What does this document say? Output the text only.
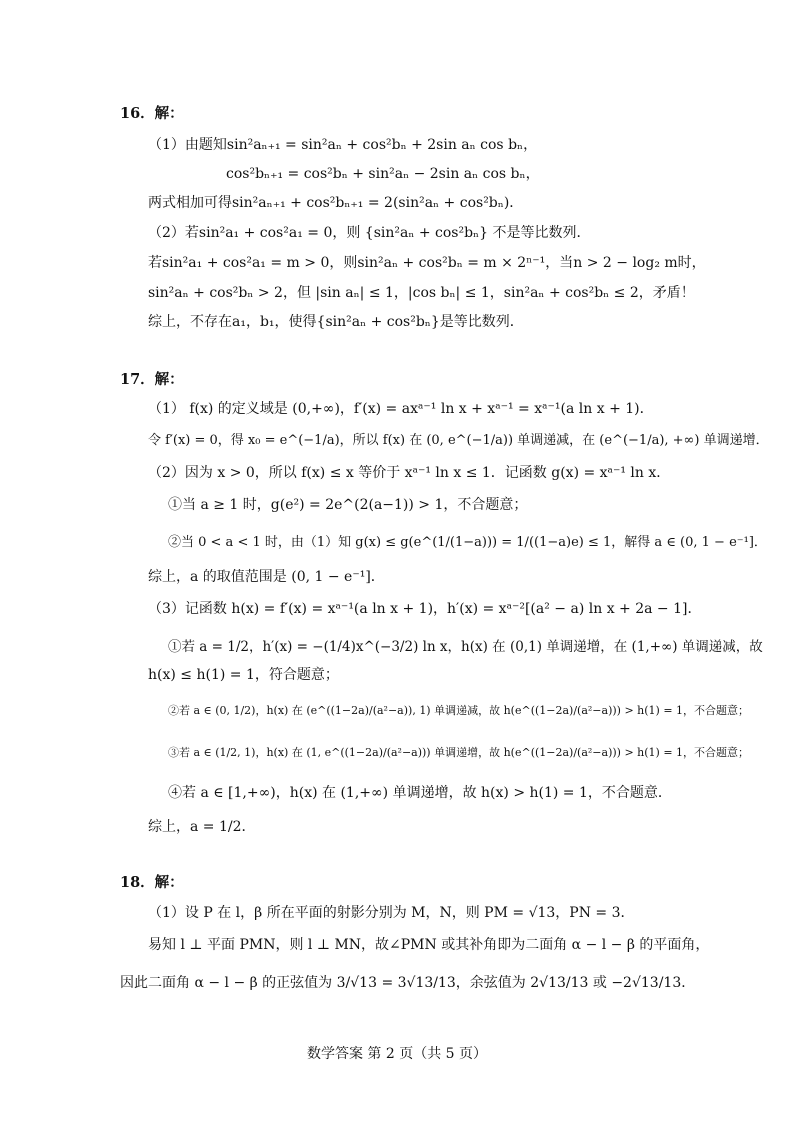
16．解：
（1）由题知sin²aₙ₊₁ = sin²aₙ + cos²bₙ + 2sin aₙ cos bₙ，
cos²bₙ₊₁ = cos²bₙ + sin²aₙ − 2sin aₙ cos bₙ，
两式相加可得sin²aₙ₊₁ + cos²bₙ₊₁ = 2(sin²aₙ + cos²bₙ)．
（2）若sin²a₁ + cos²a₁ = 0，则 {sin²aₙ + cos²bₙ} 不是等比数列．
若sin²a₁ + cos²a₁ = m > 0，则sin²aₙ + cos²bₙ = m × 2ⁿ⁻¹，当n > 2 − log₂ m时，
sin²aₙ + cos²bₙ > 2，但 |sin aₙ| ≤ 1，|cos bₙ| ≤ 1，sin²aₙ + cos²bₙ ≤ 2，矛盾！
综上，不存在a₁，b₁，使得{sin²aₙ + cos²bₙ}是等比数列．
17．解：
（1） f(x) 的定义域是 (0,+∞)，f′(x) = axᵃ⁻¹ ln x + xᵃ⁻¹ = xᵃ⁻¹(a ln x + 1)．
令 f′(x) = 0，得 x₀ = e^(−1/a)，所以 f(x) 在 (0, e^(−1/a)) 单调递减，在 (e^(−1/a), +∞) 单调递增．
（2）因为 x > 0，所以 f(x) ≤ x 等价于 xᵃ⁻¹ ln x ≤ 1．记函数 g(x) = xᵃ⁻¹ ln x．
①当 a ≥ 1 时，g(e²) = 2e^(2(a−1)) > 1，不合题意；
②当 0 < a < 1 时，由（1）知 g(x) ≤ g(e^(1/(1−a))) = 1/((1−a)e) ≤ 1，解得 a ∈ (0, 1 − e⁻¹]．
综上，a 的取值范围是 (0, 1 − e⁻¹]．
（3）记函数 h(x) = f′(x) = xᵃ⁻¹(a ln x + 1)，h′(x) = xᵃ⁻²[(a² − a) ln x + 2a − 1]．
①若 a = 1/2，h′(x) = −(1/4)x^(−3/2) ln x，h(x) 在 (0,1) 单调递增，在 (1,+∞) 单调递减，故
h(x) ≤ h(1) = 1，符合题意；
②若 a ∈ (0, 1/2)，h(x) 在 (e^((1−2a)/(a²−a)), 1) 单调递减，故 h(e^((1−2a)/(a²−a))) > h(1) = 1，不合题意；
③若 a ∈ (1/2, 1)，h(x) 在 (1, e^((1−2a)/(a²−a))) 单调递增，故 h(e^((1−2a)/(a²−a))) > h(1) = 1，不合题意；
④若 a ∈ [1,+∞)，h(x) 在 (1,+∞) 单调递增，故 h(x) > h(1) = 1，不合题意．
综上，a = 1/2．
18．解：
（1）设 P 在 l，β 所在平面的射影分别为 M，N，则 PM = √13，PN = 3．
易知 l ⊥ 平面 PMN，则 l ⊥ MN，故∠PMN 或其补角即为二面角 α − l − β 的平面角，
因此二面角 α − l − β 的正弦值为 3/√13 = 3√13/13，余弦值为 2√13/13 或 −2√13/13．
数学答案 第 2 页（共 5 页）
